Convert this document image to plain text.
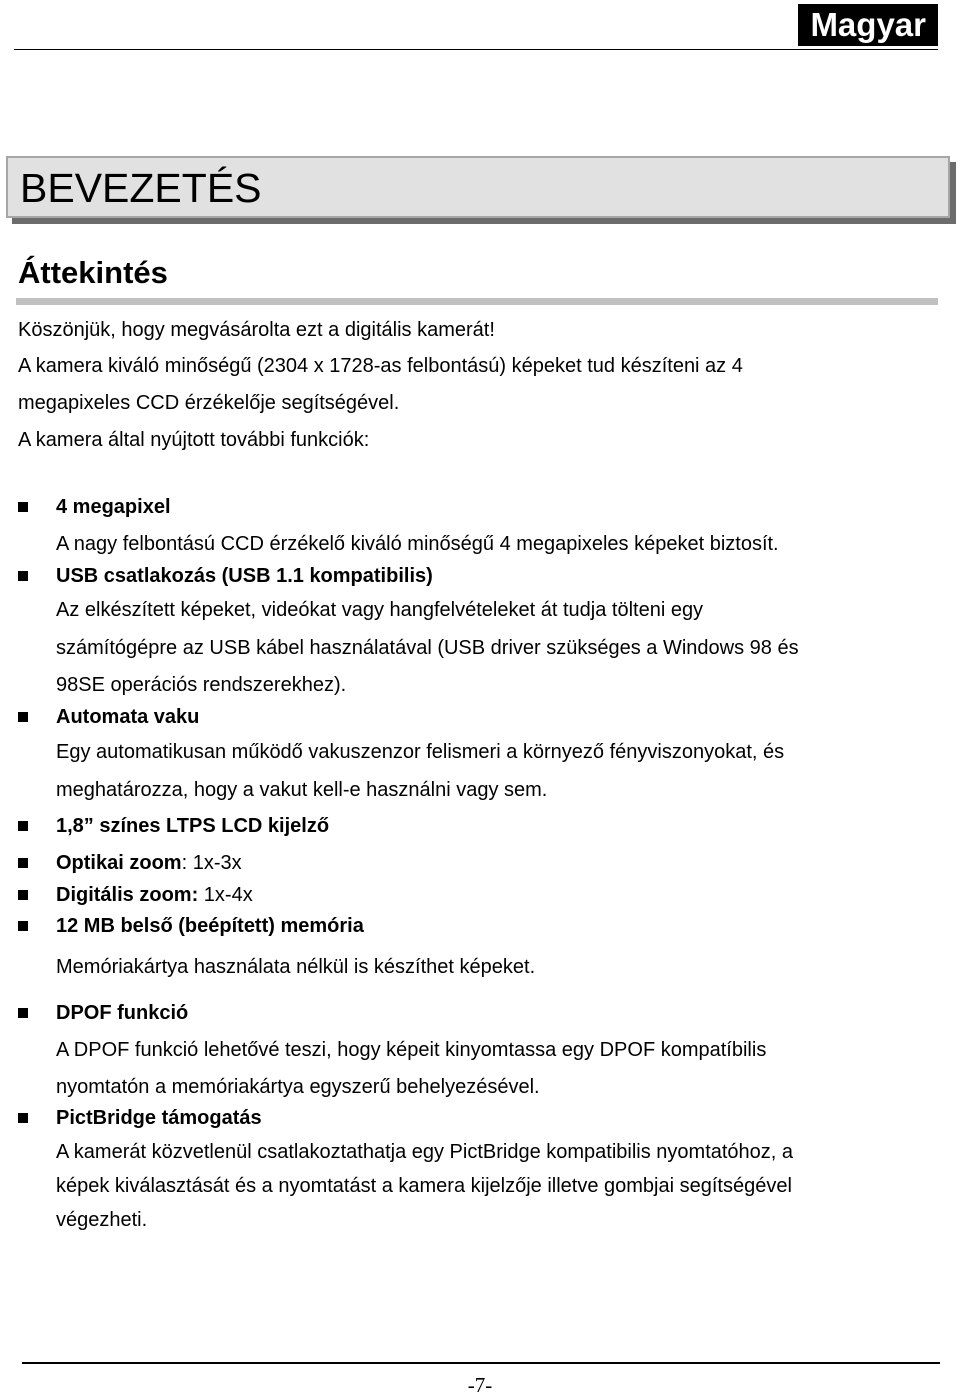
Magyar
BEVEZETÉS
Áttekintés
Köszönjük, hogy megvásárolta ezt a digitális kamerát!
A kamera kiváló minőségű (2304 x 1728-as felbontású) képeket tud készíteni az 4
megapixeles CCD érzékelője segítségével.
A kamera által nyújtott további funkciók:
4 megapixel
A nagy felbontású CCD érzékelő kiváló minőségű 4 megapixeles képeket biztosít.
USB csatlakozás (USB 1.1 kompatibilis)
Az elkészített képeket, videókat vagy hangfelvételeket át tudja tölteni egy
számítógépre az USB kábel használatával (USB driver szükséges a Windows 98 és
98SE operációs rendszerekhez).
Automata vaku
Egy automatikusan működő vakuszenzor felismeri a környező fényviszonyokat, és
meghatározza, hogy a vakut kell-e használni vagy sem.
1,8” színes LTPS LCD kijelző
Optikai zoom: 1x-3x
Digitális zoom: 1x-4x
12 MB belső (beépített) memória
Memóriakártya használata nélkül is készíthet képeket.
DPOF funkció
A DPOF funkció lehetővé teszi, hogy képeit kinyomtassa egy DPOF kompatíbilis
nyomtatón a memóriakártya egyszerű behelyezésével.
PictBridge támogatás
A kamerát közvetlenül csatlakoztathatja egy PictBridge kompatibilis nyomtatóhoz, a
képek kiválasztását és a nyomtatást a kamera kijelzője illetve gombjai segítségével
végezheti.
-7-
